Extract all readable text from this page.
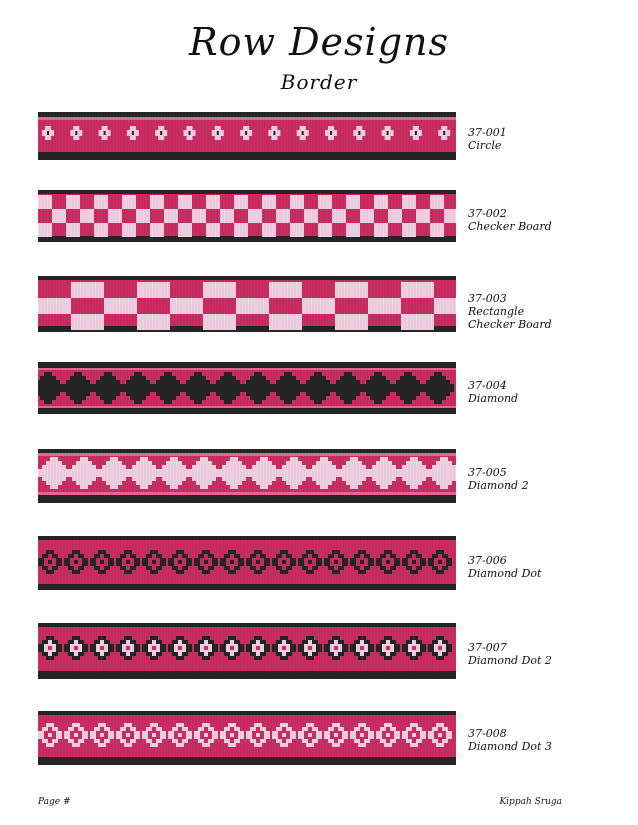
Row Designs
Border
37-001
Circle
37-002
Checker Board
37-003
Rectangle
Checker Board
37-004
Diamond
37-005
Diamond 2
37-006
Diamond Dot
37-007
Diamond Dot 2
37-008
Diamond Dot 3
Page #	Kippah Sruga
